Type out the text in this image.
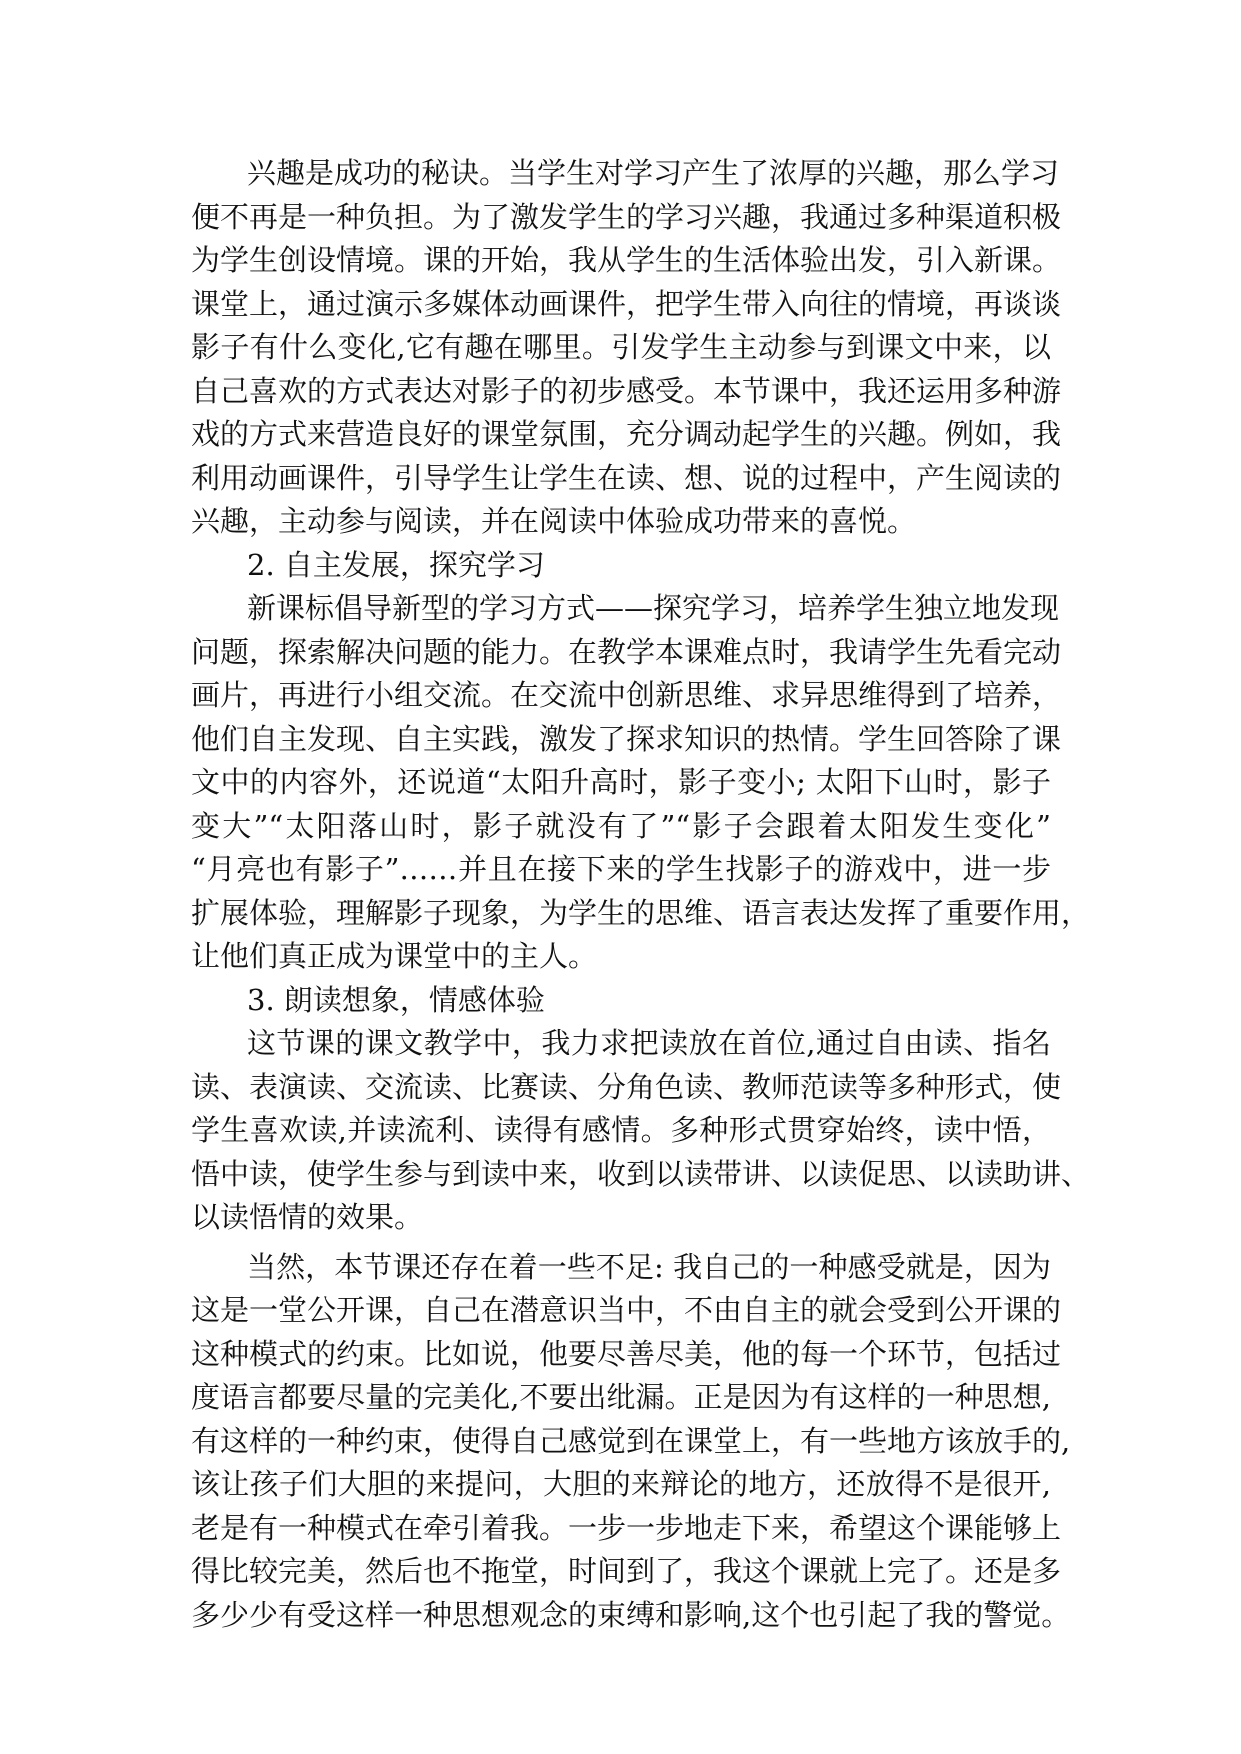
兴趣是成功的秘诀。当学生对学习产生了浓厚的兴趣，那么学习
便不再是一种负担。为了激发学生的学习兴趣，我通过多种渠道积极
为学生创设情境。课的开始，我从学生的生活体验出发，引入新课。
课堂上，通过演示多媒体动画课件，把学生带入向往的情境，再谈谈
影子有什么变化,它有趣在哪里。引发学生主动参与到课文中来，以
自己喜欢的方式表达对影子的初步感受。本节课中，我还运用多种游
戏的方式来营造良好的课堂氛围，充分调动起学生的兴趣。例如，我
利用动画课件，引导学生让学生在读、想、说的过程中，产生阅读的
兴趣，主动参与阅读，并在阅读中体验成功带来的喜悦。
2. 自主发展，探究学习
新课标倡导新型的学习方式——探究学习，培养学生独立地发现
问题，探索解决问题的能力。在教学本课难点时，我请学生先看完动
画片，再进行小组交流。在交流中创新思维、求异思维得到了培养，
他们自主发现、自主实践，激发了探求知识的热情。学生回答除了课
文中的内容外，还说道“太阳升高时，影子变小; 太阳下山时，影子
变大”“太阳落山时，影子就没有了”“影子会跟着太阳发生变化”
“月亮也有影子”……并且在接下来的学生找影子的游戏中，进一步
扩展体验，理解影子现象，为学生的思维、语言表达发挥了重要作用，
让他们真正成为课堂中的主人。
3. 朗读想象，情感体验
这节课的课文教学中，我力求把读放在首位,通过自由读、指名
读、表演读、交流读、比赛读、分角色读、教师范读等多种形式，使
学生喜欢读,并读流利、读得有感情。多种形式贯穿始终，读中悟，
悟中读，使学生参与到读中来，收到以读带讲、以读促思、以读助讲、
以读悟情的效果。
当然，本节课还存在着一些不足: 我自己的一种感受就是，因为
这是一堂公开课，自己在潜意识当中，不由自主的就会受到公开课的
这种模式的约束。比如说，他要尽善尽美，他的每一个环节，包括过
度语言都要尽量的完美化,不要出纰漏。正是因为有这样的一种思想,
有这样的一种约束，使得自己感觉到在课堂上，有一些地方该放手的,
该让孩子们大胆的来提问，大胆的来辩论的地方，还放得不是很开,
老是有一种模式在牵引着我。一步一步地走下来，希望这个课能够上
得比较完美，然后也不拖堂，时间到了，我这个课就上完了。还是多
多少少有受这样一种思想观念的束缚和影响,这个也引起了我的警觉。
